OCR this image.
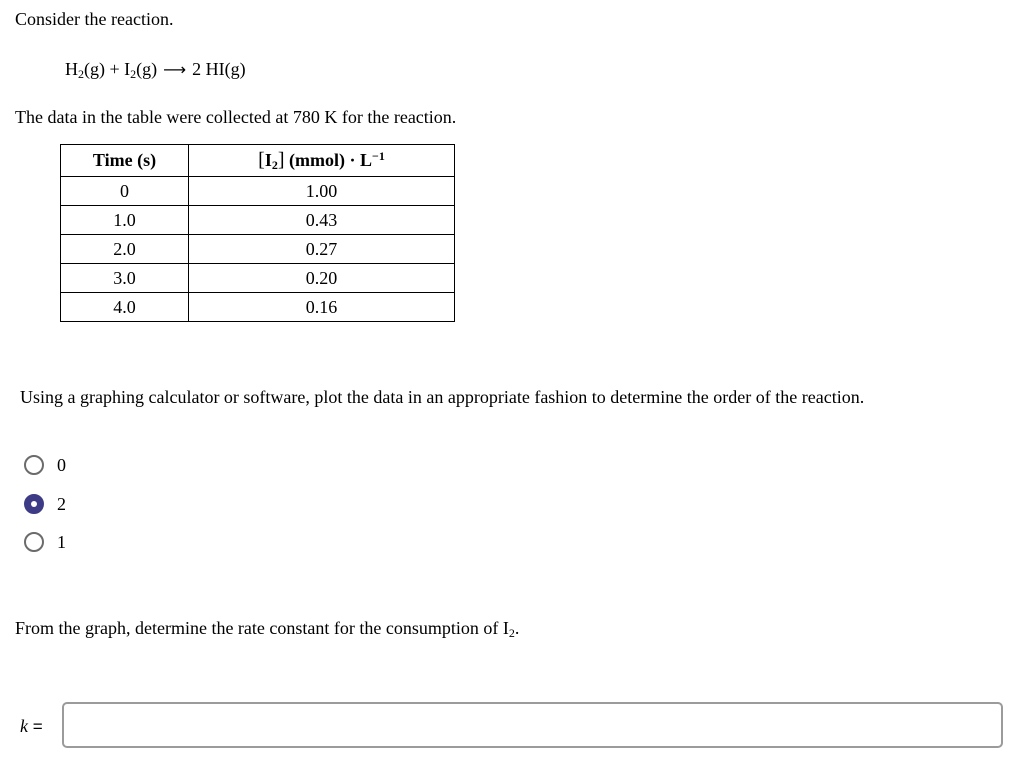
Consider the reaction.
$H_2(g) + I_2(g)$ ⟶ 2 HI(g)
The data in the table were collected at 780 K for the reaction.
Time (s)	$[I_2]$ (mmol) · $L^{-1}$
0	1.00
1.0	0.43
2.0	0.27
3.0	0.20
4.0	0.16
Using a graphing calculator or software, plot the data in an appropriate fashion to determine the order of the reaction.
0
2
1
From the graph, determine the rate constant for the consumption of $I_2$.
k =
